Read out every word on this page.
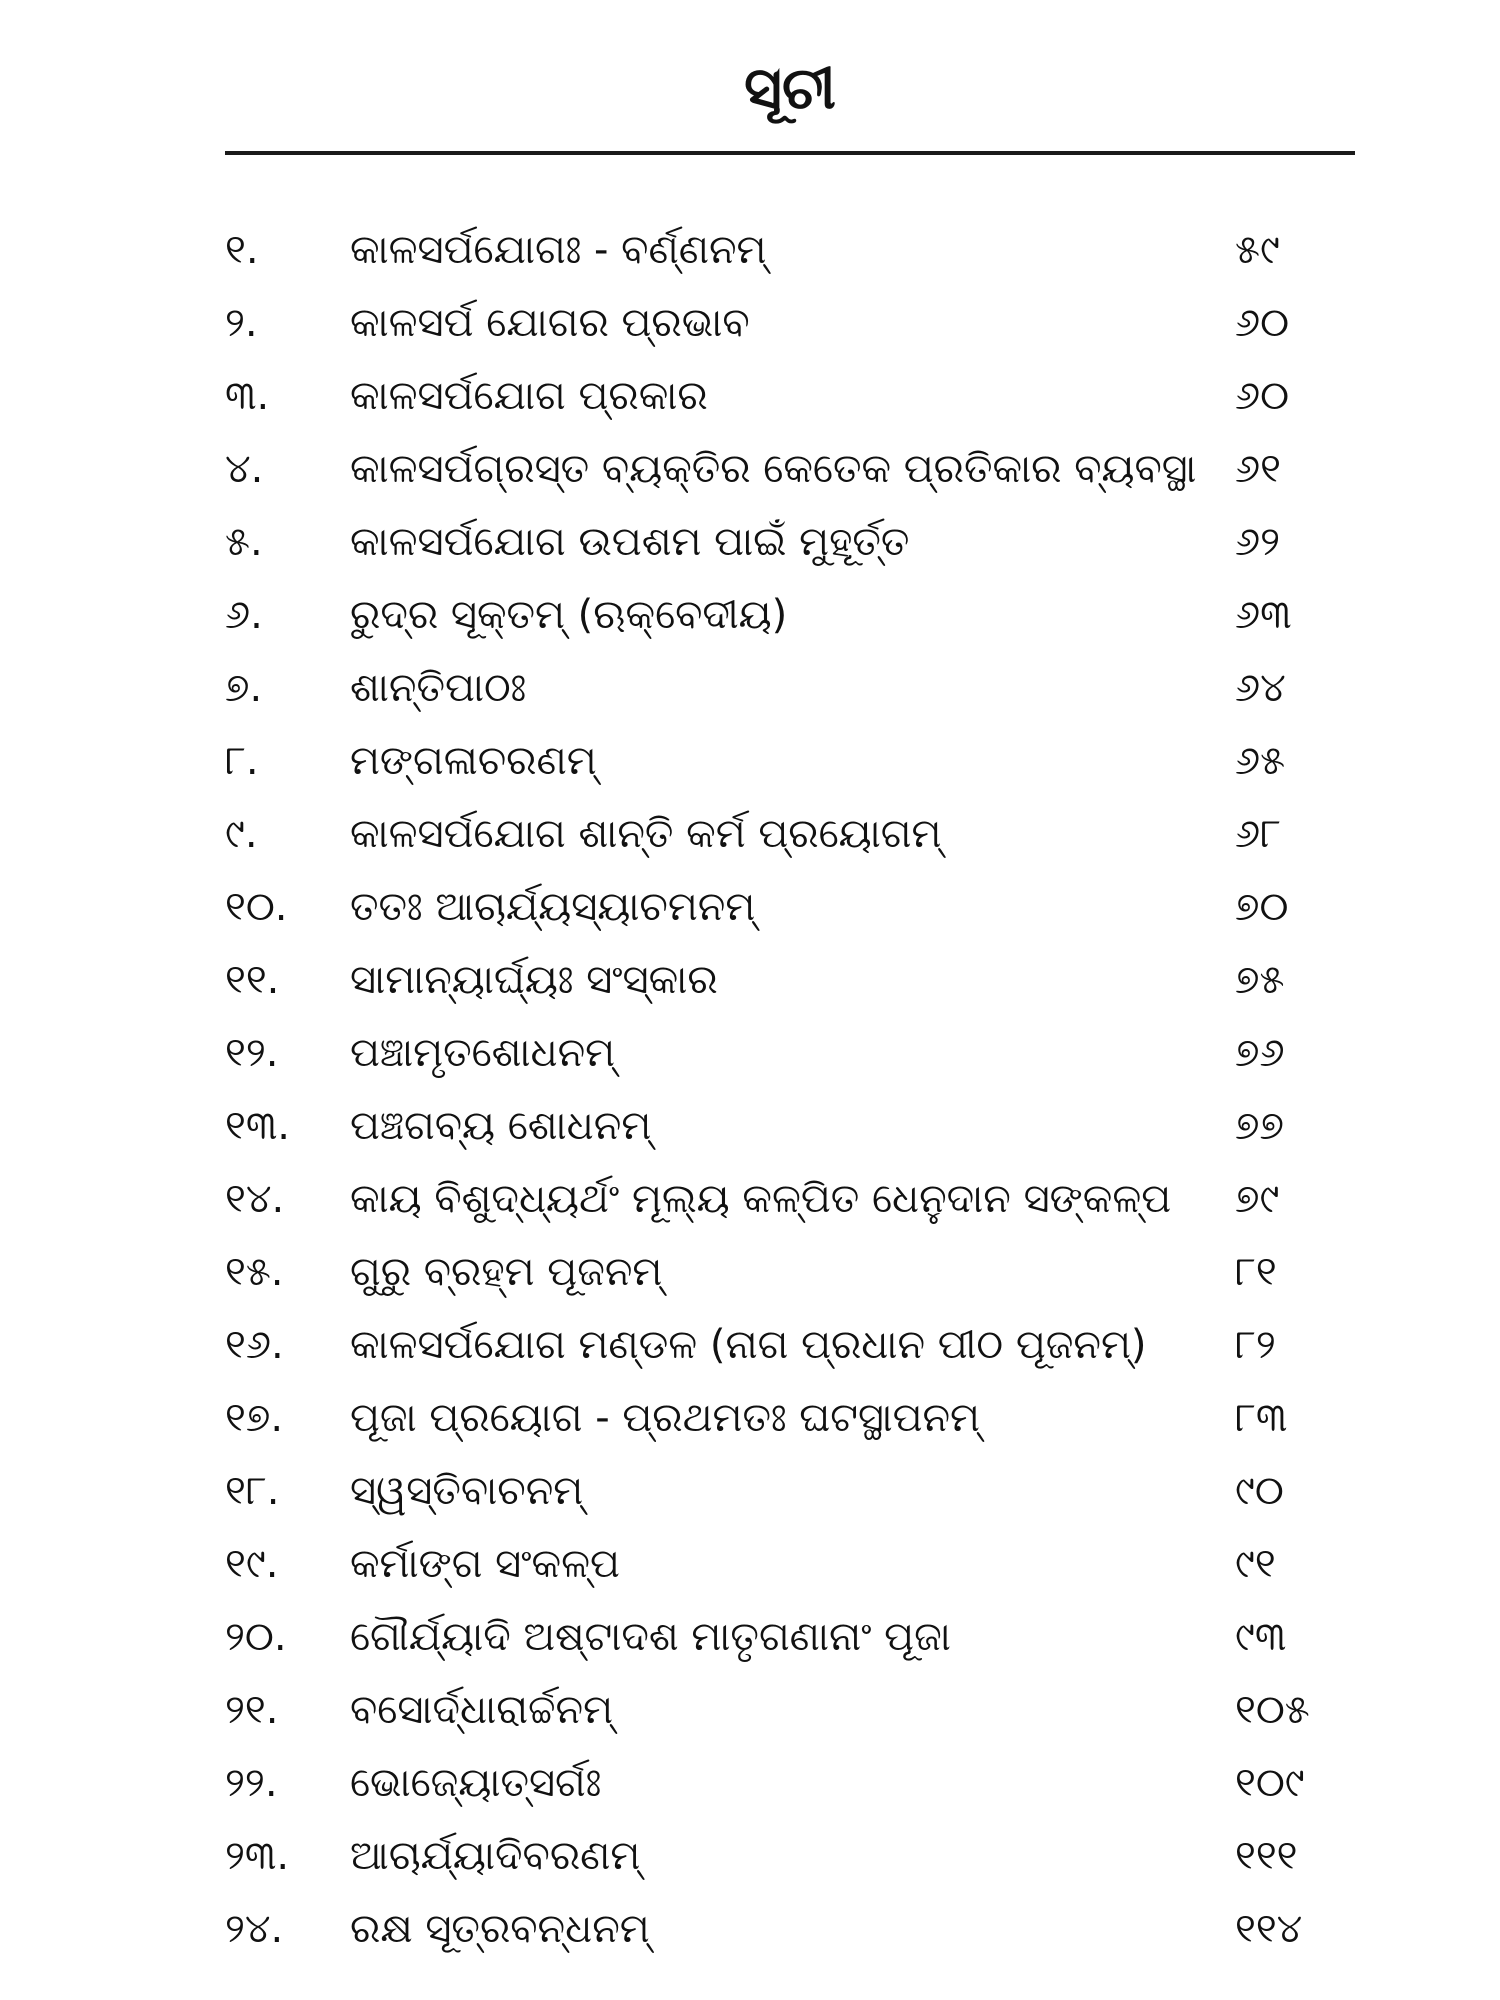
ସୂଚୀ
୧.	କାଳସର୍ପଯୋଗଃ - ବର୍ଣ୍ଣନମ୍	୫୯
୨.	କାଳସର୍ପ ଯୋଗର ପ୍ରଭାବ	୬୦
୩.	କାଳସର୍ପଯୋଗ ପ୍ରକାର	୬୦
୪.	କାଳସର୍ପଗ୍ରସ୍ତ ବ୍ୟକ୍ତିର କେତେକ ପ୍ରତିକାର ବ୍ୟବସ୍ଥା ୬୧
୫.	କାଳସର୍ପଯୋଗ ଉପଶମ ପାଇଁ ମୁହୂର୍ତ୍ତ	୬୨
୬.	ରୁଦ୍ର ସୂକ୍ତମ୍ (ଋକ୍‌ବେଦୀୟ)	୬୩
୭.	ଶାନ୍ତିପାଠଃ	୬୪
୮.	ମଙ୍ଗଳାଚରଣମ୍	୬୫
୯.	କାଳସର୍ପଯୋଗ ଶାନ୍ତି କର୍ମ ପ୍ରୟୋଗମ୍	୬୮
୧୦.	ତତଃ ଆଚାର୍ଯ୍ୟସ୍ୟାଚମନମ୍	୭୦
୧୧.	ସାମାନ୍ୟାର୍ଘ୍ୟଃ ସଂସ୍କାର	୭୫
୧୨.	ପଞ୍ଚାମୃତଶୋଧନମ୍	୭୬
୧୩.	ପଞ୍ଚଗବ୍ୟ ଶୋଧନମ୍	୭୭
୧୪.	କାୟ ବିଶୁଦ୍ଧ୍ୟର୍ଥଂ ମୂଲ୍ୟ କଳ୍ପିତ ଧେନୁଦାନ ସଙ୍କଳ୍ପ	୭୯
୧୫.	ଗୁରୁ ବ୍ରହ୍ମ ପୂଜନମ୍	୮୧
୧୬.	କାଳସର୍ପଯୋଗ ମଣ୍ଡଳ (ନାଗ ପ୍ରଧାନ ପୀଠ ପୂଜନମ୍)	୮୨
୧୭.	ପୂଜା ପ୍ରୟୋଗ - ପ୍ରଥମତଃ ଘଟସ୍ଥାପନମ୍	୮୩
୧୮.	ସ୍ୱସ୍ତିବାଚନମ୍	୯୦
୧୯.	କର୍ମାଙ୍ଗ ସଂକଳ୍ପ	୯୧
୨୦.	ଗୌର୍ଯ୍ୟାଦି ଅଷ୍ଟାଦଶ ମାତୃଗଣାନାଂ ପୂଜା	୯୩
୨୧.	ବସୋର୍ଦ୍ଧାରାର୍ଚ୍ଚନମ୍	୧୦୫
୨୨.	ଭୋଜ୍ୟୋତ୍ସର୍ଗଃ	୧୦୯
୨୩.	ଆଚାର୍ଯ୍ୟାଦିବରଣମ୍	୧୧୧
୨୪.	ରକ୍ଷ ସୂତ୍ରବନ୍ଧନମ୍	୧୧୪
